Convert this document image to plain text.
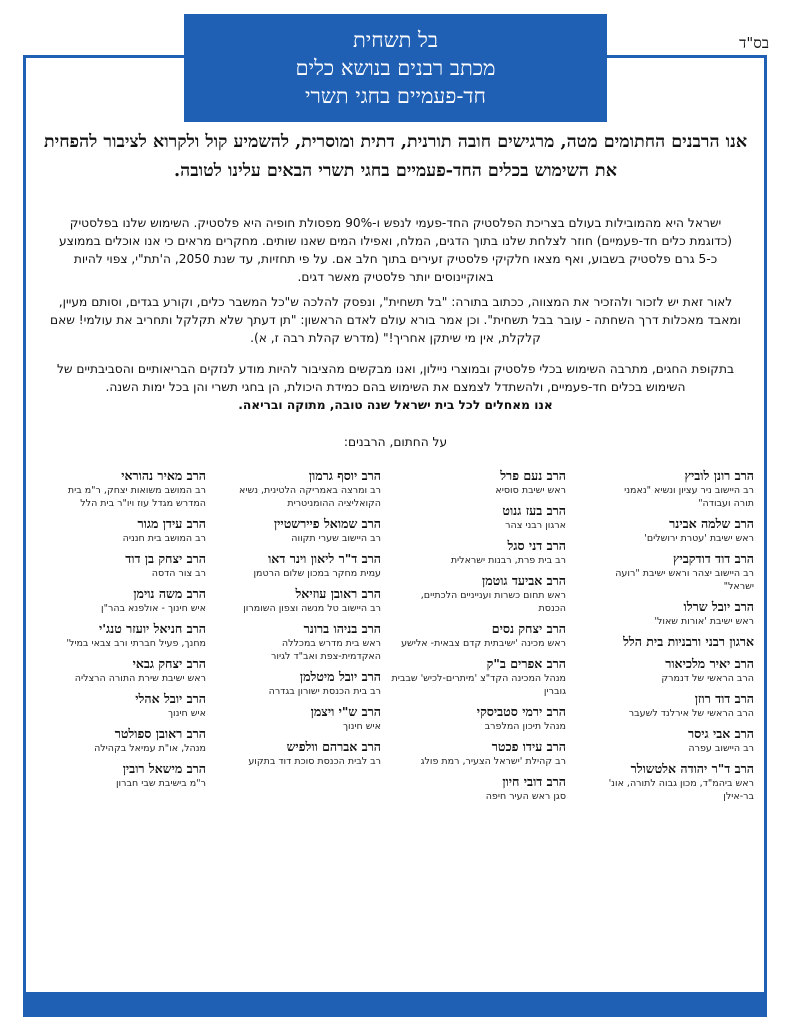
בל תשחית
מכתב רבנים בנושא כלים
חד-פעמיים בחגי תשרי
בס"ד
אנו הרבנים החתומים מטה, מרגישים חובה תורנית, דתית ומוסרית, להשמיע קול ולקרוא לציבור להפחית את השימוש בכלים החד-פעמיים בחגי תשרי הבאים עלינו לטובה.
ישראל היא מהמובילות בעולם בצריכת הפלסטיק החד-פעמי לנפש ו-90% מפסולת חופיה היא פלסטיק. השימוש שלנו בפלסטיק (כדוגמת כלים חד-פעמיים) חוזר לצלחת שלנו בתוך הדגים, המלח, ואפילו המים שאנו שותים. מחקרים מראים כי אנו אוכלים בממוצע כ-5 גרם פלסטיק בשבוע, ואף מצאו חלקיקי פלסטיק זעירים בתוך חלב אם. על פי תחזיות, עד שנת 2050, ה'תת"י, צפוי להיות באוקיינוסים יותר פלסטיק מאשר דגים.
לאור זאת יש לזכור ולהזכיר את המצווה, ככתוב בתורה: "בל תשחית", ונפסק להלכה ש"כל המשבר כלים, וקורע בגדים, וסותם מעיין, ומאבד מאכלות דרך השחתה - עובר בבל תשחית". וכן אמר בורא עולם לאדם הראשון: "תן דעתך שלא תקלקל ותחריב את עולמי! שאם קלקלת, אין מי שיתקן אחריך!" (מדרש קהלת רבה ז, א).
בתקופת החגים, מתרבה השימוש בכלי פלסטיק ובמוצרי ניילון, ואנו מבקשים מהציבור להיות מודע לנזקים הבריאותיים והסביבתיים של השימוש בכלים חד-פעמיים, ולהשתדל לצמצם את השימוש בהם כמידת היכולת, הן בחגי תשרי והן בכל ימות השנה.
אנו מאחלים לכל בית ישראל שנה טובה, מתוקה ובריאה.
על החתום, הרבנים:
הרב רונן לוביץ
רב היישוב ניר עציון ונשיא "נאמני תורה ועבודה"
הרב שלמה אבינר
ראש ישיבת 'עטרת ירושלים'
הרב דוד דודקביץ
רב היישוב יצהר וראש ישיבת "רועה ישראל"
הרב יובל שרלו
ראש ישיבת 'אורות שאול'
ארגון רבני ורבניות בית הלל
הרב יאיר מלכיאור
הרב הראשי של דנמרק
הרב דוד רוזן
הרב הראשי של אירלנד לשעבר
הרב אבי גיסר
רב היישוב עפרה
הרב ד"ר יהודה אלטשולר
ראש ביהמ"ד, מכון גבוה לתורה, אונ' בר-אילן
הרב נעם פרל
ראש ישיבת סוסיא
הרב בעז גנוט
ארגון רבני צהר
הרב דני סגל
רב בית פרת, רבנות ישראלית
הרב אביעד גוטמן
ראש תחום כשרות וענייניים הלכתיים, הכנסת
הרב יצחק נסים
ראש מכינה 'ישיבתית קדם צבאית- אלישע
הרב אפרים ב"ק
מנהל המכינה הקד"צ 'מיתרים-לכיש' שבבית גוברין
הרב ירמי סטביסקי
מנהל תיכון המלפרב
הרב עידו פכטר
רב קהילת 'ישראל הצעיר, רמת פולג
הרב דובי חיון
סגן ראש העיר חיפה
הרב יוסף גרמון
רב ומרצה באמריקה הלטינית, נשיא הקואליציה ההומניטרית
הרב שמואל פיירשטיין
רב היישוב שערי תקווה
הרב ד"ר ליאון וינר דאו
עמית מחקר במכון שלום הרטמן
הרב ראובן עוזיאל
רב היישוב טל מנשה וצפון השומרון
הרב בניהו ברונר
ראש בית מדרש במכללה האקדמית-צפת ואב"ד לגיור
הרב יובל מיטלמן
רב בית הכנסת ישורון בגדרה
הרב ש"י ויצמן
איש חינוך
הרב אברהם וולפיש
רב לבית הכנסת סוכת דוד בתקוע
הרב מאיר נהוראי
רב המושב משואות יצחק, ר"מ בית המדרש מגדל עוז ויו"ר בית הלל
הרב עידן מגור
רב המושב בית חנניה
הרב יצחק בן דוד
רב צור הדסה
הרב משה נוימן
איש חינוך - אולפנא בהר"ן
הרב חניאל יועזר טנג'י
מחנך, פעיל חברתי ורב צבאי במיל'
הרב יצחק גבאי
ראש ישיבת שירת התורה הרצליה
הרב יובל אהלי
איש חינוך
הרב ראובן ספולטר
מנהל, או"ת עמיאל בקהילה
הרב מישאל רובין
ר"מ בישיבת שבי חברון
